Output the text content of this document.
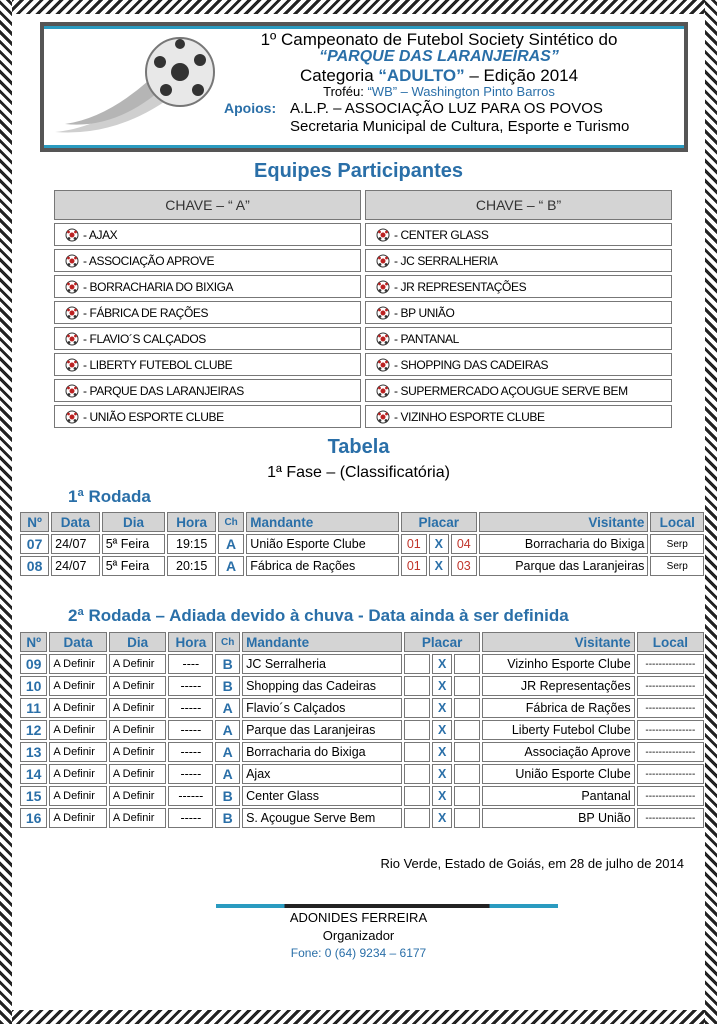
1º Campeonato de Futebol Society Sintético do
“PARQUE DAS LARANJEIRAS”
Categoria “ADULTO” – Edição 2014
Troféu: “WB” – Washington Pinto Barros
Apoios: A.L.P. – ASSOCIAÇÃO LUZ PARA OS POVOS
Secretaria Municipal de Cultura, Esporte e Turismo
Equipes Participantes
CHAVE – “ A”	CHAVE – “ B”
- AJAX	- CENTER GLASS
- ASSOCIAÇÃO APROVE	- JC SERRALHERIA
- BORRACHARIA DO BIXIGA	- JR REPRESENTAÇÕES
- FÁBRICA DE RAÇÕES	- BP UNIÃO
- FLAVIO´S CALÇADOS	- PANTANAL
- LIBERTY FUTEBOL CLUBE	- SHOPPING DAS CADEIRAS
- PARQUE DAS LARANJEIRAS	- SUPERMERCADO AÇOUGUE SERVE BEM
- UNIÃO ESPORTE CLUBE	- VIZINHO ESPORTE CLUBE
Tabela
1ª Fase – (Classificatória)
1ª Rodada
Nº	Data	Dia	Hora	Ch	Mandante	Placar			Visitante	Local
07	24/07	5ª Feira	19:15	A	União Esporte Clube	01	X	04	Borracharia do Bixiga	Serp
08	24/07	5ª Feira	20:15	A	Fábrica de Rações	01	X	03	Parque das Laranjeiras	Serp
2ª Rodada – Adiada devido à chuva - Data ainda à ser definida
Nº	Data	Dia	Hora	Ch	Mandante	Placar			Visitante	Local
09	A Definir	A Definir	----	B	JC Serralheria		X		Vizinho Esporte Clube	---------------
10	A Definir	A Definir	-----	B	Shopping das Cadeiras		X		JR Representações	---------------
11	A Definir	A Definir	-----	A	Flavio´s Calçados		X		Fábrica de Rações	---------------
12	A Definir	A Definir	-----	A	Parque das Laranjeiras		X		Liberty Futebol Clube	---------------
13	A Definir	A Definir	-----	A	Borracharia do Bixiga		X		Associação Aprove	---------------
14	A Definir	A Definir	-----	A	Ajax		X		União Esporte Clube	---------------
15	A Definir	A Definir	------	B	Center Glass		X		Pantanal	---------------
16	A Definir	A Definir	-----	B	S. Açougue Serve Bem		X		BP União	---------------
Rio Verde, Estado de Goiás, em 28 de julho de 2014
ADONIDES FERREIRA
Organizador
Fone: 0 (64) 9234 – 6177
